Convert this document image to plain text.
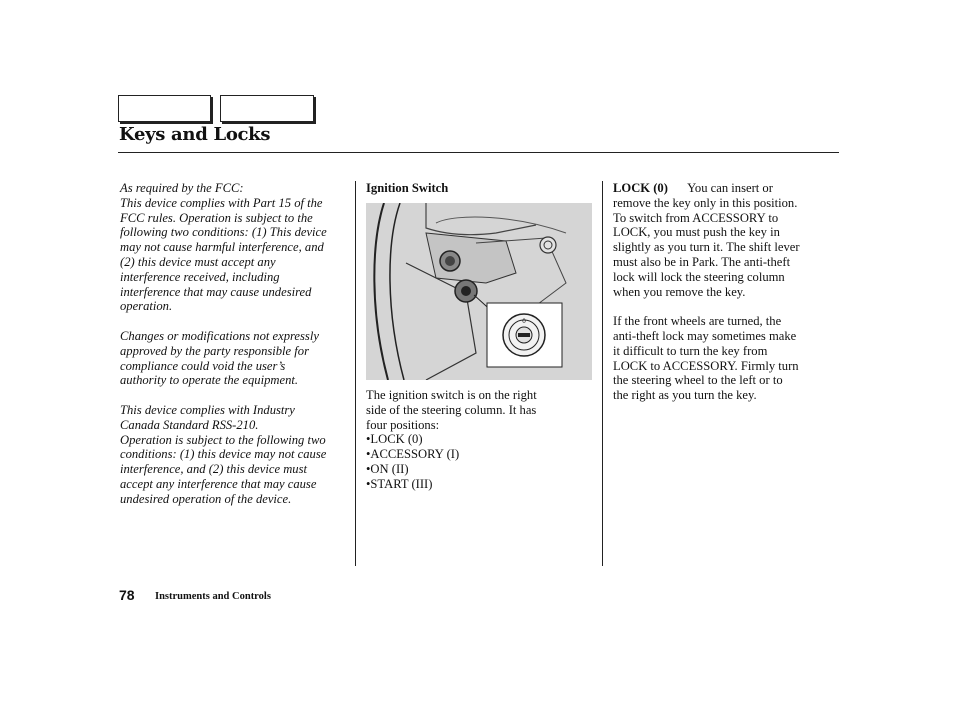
Keys and Locks

As required by the FCC:
This device complies with Part 15 of the
FCC rules. Operation is subject to the
following two conditions: (1) This device
may not cause harmful interference, and
(2) this device must accept any
interference received, including
interference that may cause undesired
operation.

Changes or modifications not expressly
approved by the party responsible for
compliance could void the user’s
authority to operate the equipment.

This device complies with Industry
Canada Standard RSS-210.
Operation is subject to the following two
conditions: (1) this device may not cause
interference, and (2) this device must
accept any interference that may cause
undesired operation of the device.

Ignition Switch
The ignition switch is on the right
side of the steering column. It has
four positions:
•LOCK (0)
•ACCESSORY (I)
•ON (II)
•START (III)
0

LOCK (0) You can insert or
remove the key only in this position.
To switch from ACCESSORY to
LOCK, you must push the key in
slightly as you turn it. The shift lever
must also be in Park. The anti-theft
lock will lock the steering column
when you remove the key.

If the front wheels are turned, the
anti-theft lock may sometimes make
it difficult to turn the key from
LOCK to ACCESSORY. Firmly turn
the steering wheel to the left or to
the right as you turn the key.

78 Instruments and Controls
